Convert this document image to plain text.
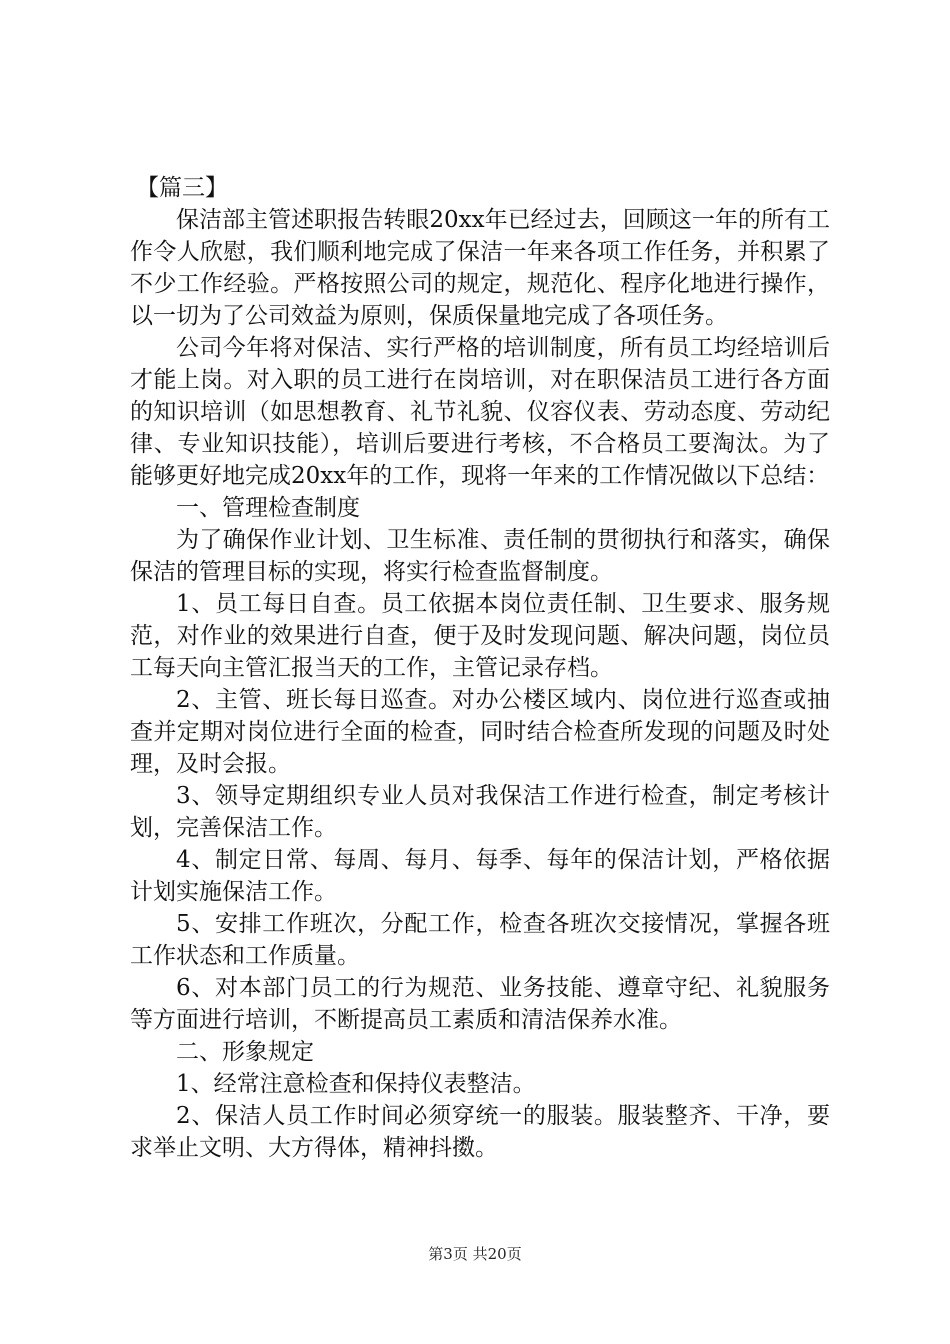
【篇三】

保洁部主管述职报告转眼20xx年已经过去，回顾这一年的所有工作令人欣慰，我们顺利地完成了保洁一年来各项工作任务，并积累了不少工作经验。严格按照公司的规定，规范化、程序化地进行操作，以一切为了公司效益为原则，保质保量地完成了各项任务。

公司今年将对保洁、实行严格的培训制度，所有员工均经培训后才能上岗。对入职的员工进行在岗培训，对在职保洁员工进行各方面的知识培训（如思想教育、礼节礼貌、仪容仪表、劳动态度、劳动纪律、专业知识技能），培训后要进行考核，不合格员工要淘汰。为了能够更好地完成20xx年的工作，现将一年来的工作情况做以下总结：

一、管理检查制度

为了确保作业计划、卫生标准、责任制的贯彻执行和落实，确保保洁的管理目标的实现，将实行检查监督制度。

1、员工每日自查。员工依据本岗位责任制、卫生要求、服务规范，对作业的效果进行自查，便于及时发现问题、解决问题，岗位员工每天向主管汇报当天的工作，主管记录存档。

2、主管、班长每日巡查。对办公楼区域内、岗位进行巡查或抽查并定期对岗位进行全面的检查，同时结合检查所发现的问题及时处理，及时会报。

3、领导定期组织专业人员对我保洁工作进行检查，制定考核计划，完善保洁工作。

4、制定日常、每周、每月、每季、每年的保洁计划，严格依据计划实施保洁工作。

5、安排工作班次，分配工作，检查各班次交接情况，掌握各班工作状态和工作质量。

6、对本部门员工的行为规范、业务技能、遵章守纪、礼貌服务等方面进行培训，不断提高员工素质和清洁保养水准。

二、形象规定

1、经常注意检查和保持仪表整洁。

2、保洁人员工作时间必须穿统一的服装。服装整齐、干净，要求举止文明、大方得体，精神抖擞。

第3页 共20页
